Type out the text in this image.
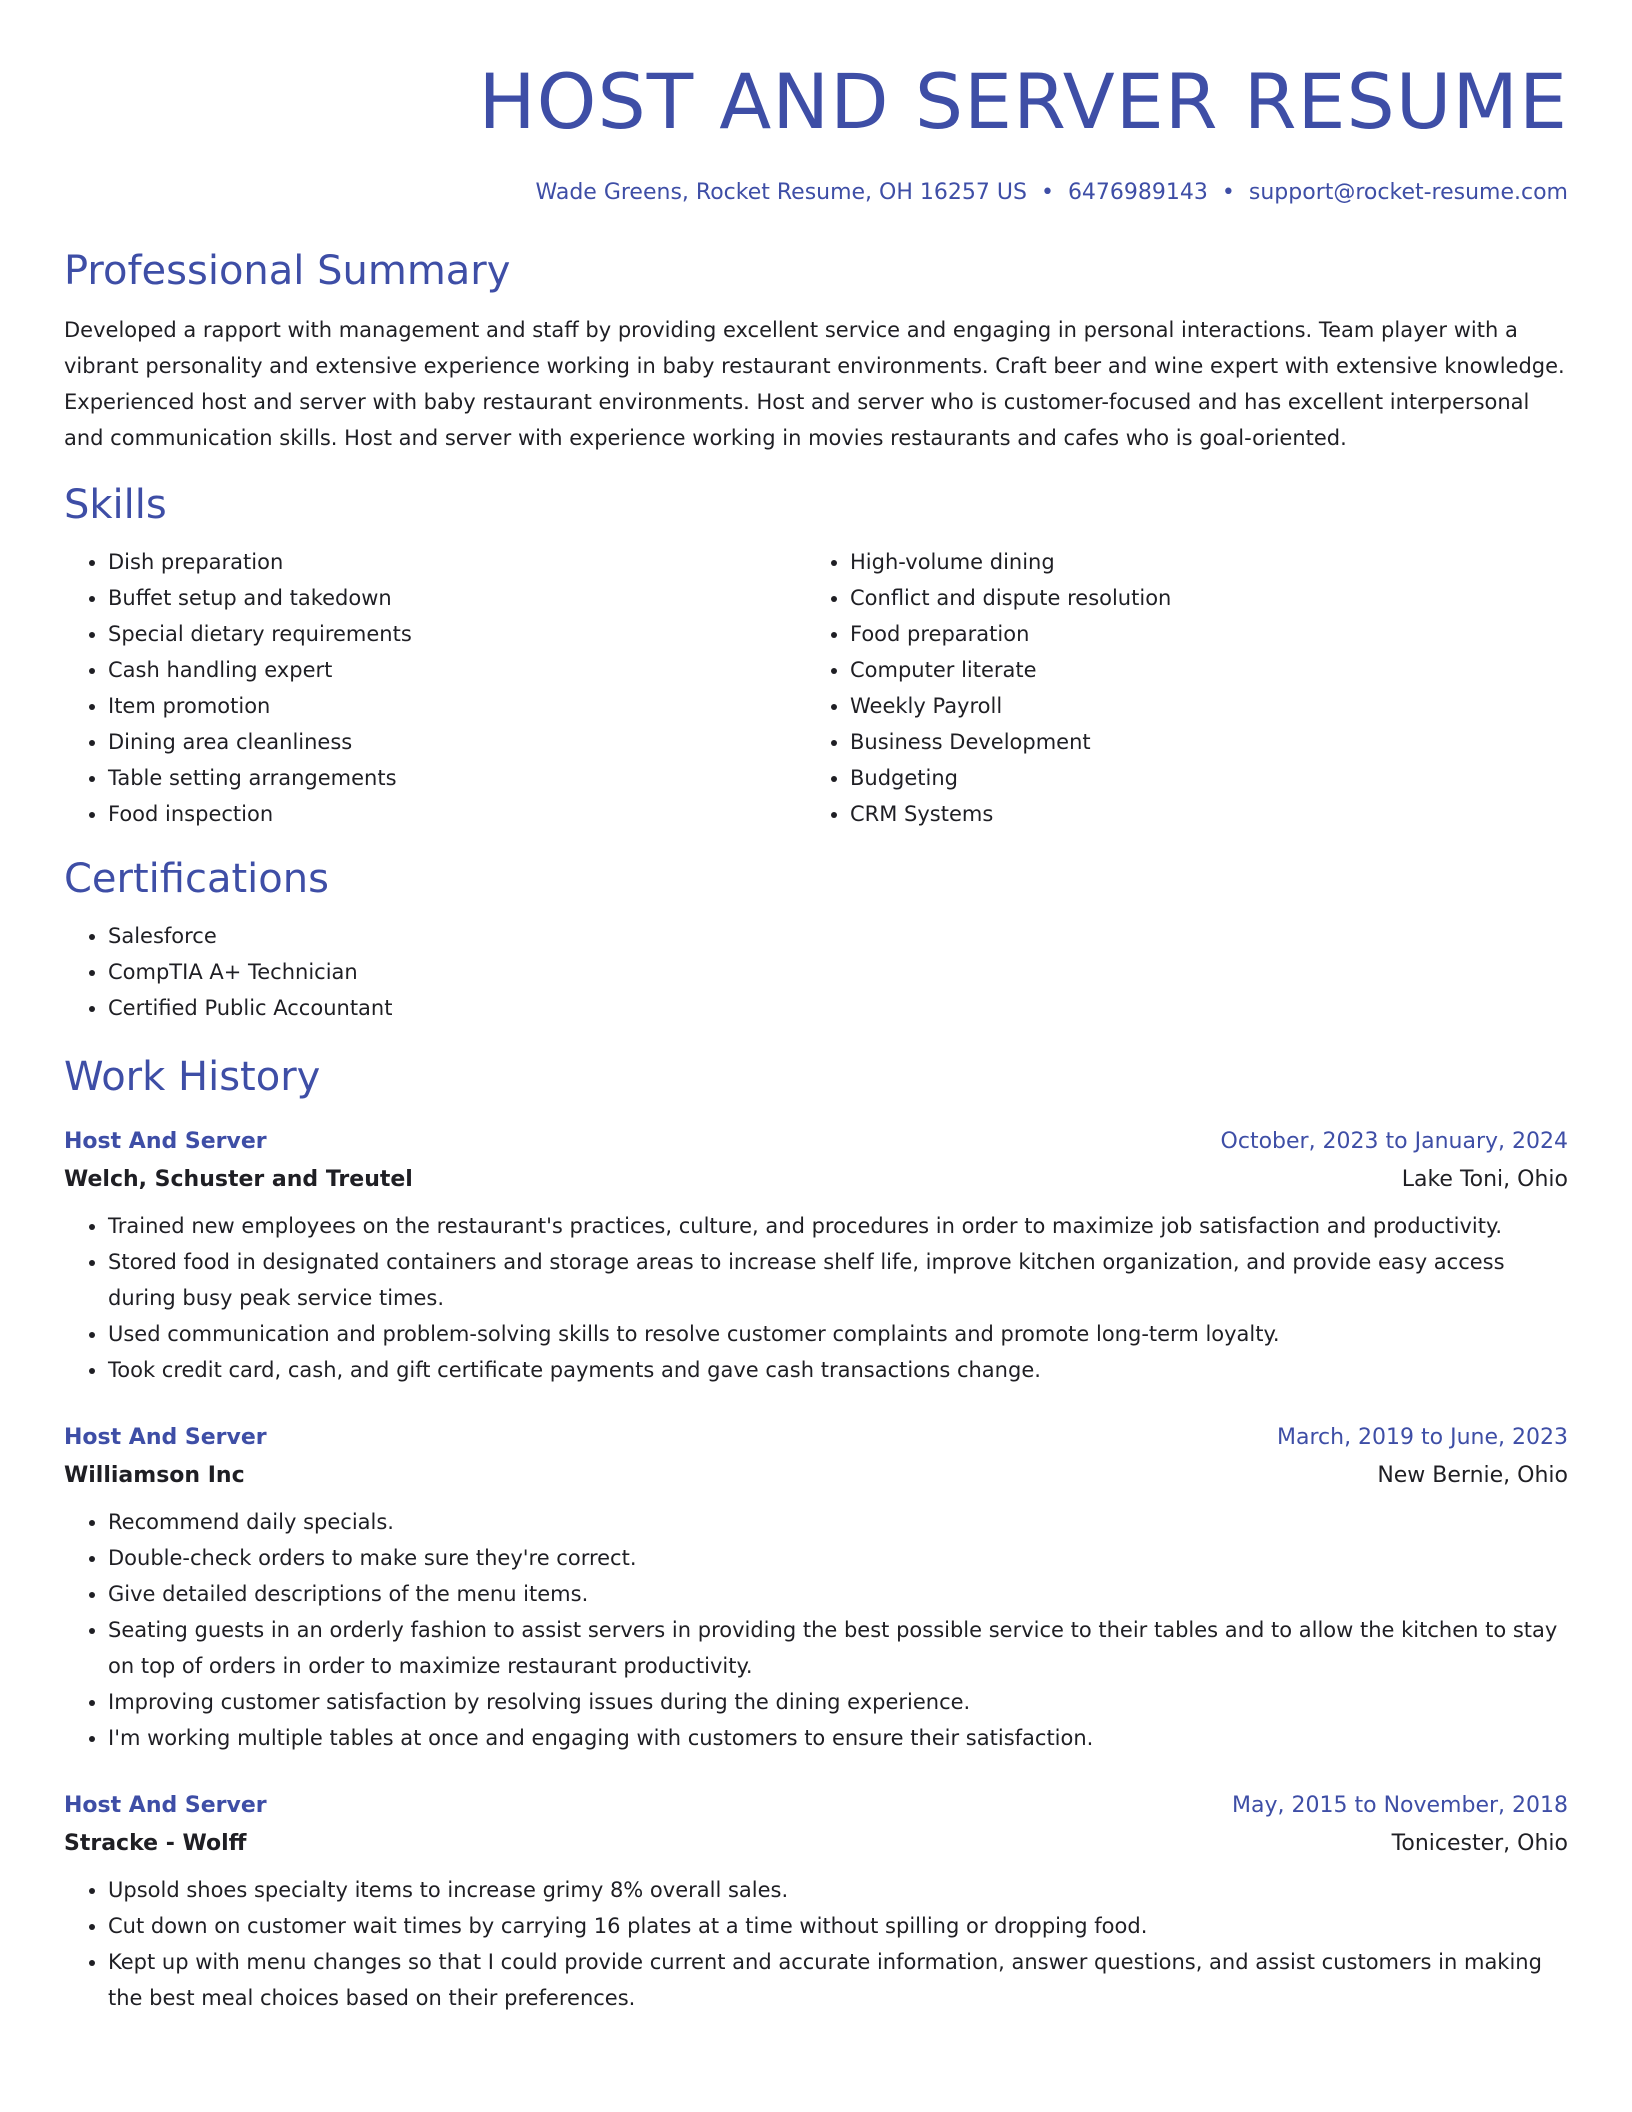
HOST AND SERVER RESUME
Wade Greens, Rocket Resume, OH 16257 US • 6476989143 • support@rocket-resume.com
Professional Summary
Developed a rapport with management and staff by providing excellent service and engaging in personal interactions. Team player with a vibrant personality and extensive experience working in baby restaurant environments. Craft beer and wine expert with extensive knowledge. Experienced host and server with baby restaurant environments. Host and server who is customer-focused and has excellent interpersonal and communication skills. Host and server with experience working in movies restaurants and cafes who is goal-oriented.
Skills
• Dish preparation
• Buffet setup and takedown
• Special dietary requirements
• Cash handling expert
• Item promotion
• Dining area cleanliness
• Table setting arrangements
• Food inspection
• High-volume dining
• Conflict and dispute resolution
• Food preparation
• Computer literate
• Weekly Payroll
• Business Development
• Budgeting
• CRM Systems
Certifications
• Salesforce
• CompTIA A+ Technician
• Certified Public Accountant
Work History
Host And Server	October, 2023 to January, 2024
Welch, Schuster and Treutel	Lake Toni, Ohio
• Trained new employees on the restaurant's practices, culture, and procedures in order to maximize job satisfaction and productivity.
• Stored food in designated containers and storage areas to increase shelf life, improve kitchen organization, and provide easy access during busy peak service times.
• Used communication and problem-solving skills to resolve customer complaints and promote long-term loyalty.
• Took credit card, cash, and gift certificate payments and gave cash transactions change.
Host And Server	March, 2019 to June, 2023
Williamson Inc	New Bernie, Ohio
• Recommend daily specials.
• Double-check orders to make sure they're correct.
• Give detailed descriptions of the menu items.
• Seating guests in an orderly fashion to assist servers in providing the best possible service to their tables and to allow the kitchen to stay on top of orders in order to maximize restaurant productivity.
• Improving customer satisfaction by resolving issues during the dining experience.
• I'm working multiple tables at once and engaging with customers to ensure their satisfaction.
Host And Server	May, 2015 to November, 2018
Stracke - Wolff	Tonicester, Ohio
• Upsold shoes specialty items to increase grimy 8% overall sales.
• Cut down on customer wait times by carrying 16 plates at a time without spilling or dropping food.
• Kept up with menu changes so that I could provide current and accurate information, answer questions, and assist customers in making the best meal choices based on their preferences.
